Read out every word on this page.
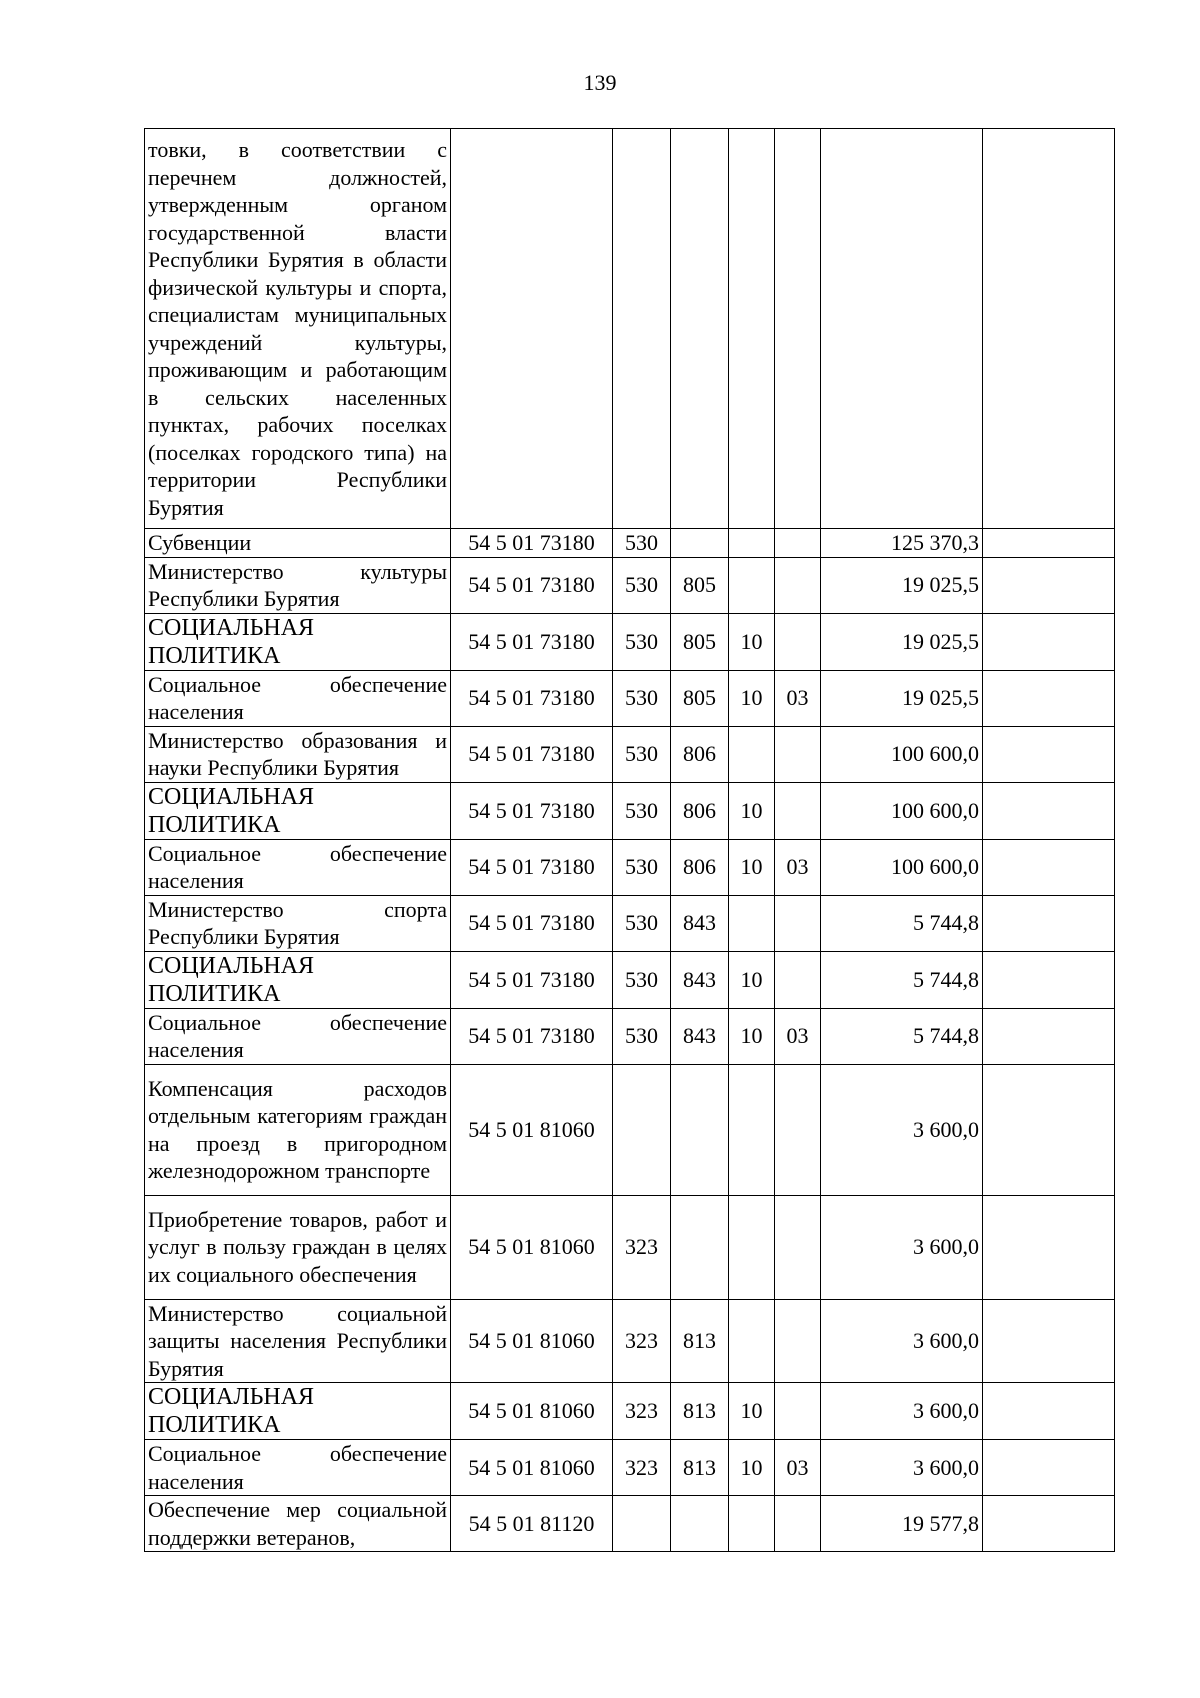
139
товки, в соответствии с перечнем должностей, утвержденным органом государственной власти Республики Бурятия в области физической культуры и спорта, специалистам муниципальных учреждений культуры, проживающим и работающим в сельских населенных пунктах, рабочих поселках (поселках городского типа) на территории Республики Бурятия							
Субвенции	54 5 01 73180	530				125 370,3	
Министерство культуры Республики Бурятия	54 5 01 73180	530	805			19 025,5	
СОЦИАЛЬНАЯ ПОЛИТИКА	54 5 01 73180	530	805	10		19 025,5	
Социальное обеспечение населения	54 5 01 73180	530	805	10	03	19 025,5	
Министерство образования и науки Республики Бурятия	54 5 01 73180	530	806			100 600,0	
СОЦИАЛЬНАЯ ПОЛИТИКА	54 5 01 73180	530	806	10		100 600,0	
Социальное обеспечение населения	54 5 01 73180	530	806	10	03	100 600,0	
Министерство спорта Республики Бурятия	54 5 01 73180	530	843			5 744,8	
СОЦИАЛЬНАЯ ПОЛИТИКА	54 5 01 73180	530	843	10		5 744,8	
Социальное обеспечение населения	54 5 01 73180	530	843	10	03	5 744,8	
Компенсация расходов отдельным категориям граждан на проезд в пригородном железнодорожном транспорте	54 5 01 81060					3 600,0	
Приобретение товаров, работ и услуг в пользу граждан в целях их социального обеспечения	54 5 01 81060	323				3 600,0	
Министерство социальной защиты населения Республики Бурятия	54 5 01 81060	323	813			3 600,0	
СОЦИАЛЬНАЯ ПОЛИТИКА	54 5 01 81060	323	813	10		3 600,0	
Социальное обеспечение населения	54 5 01 81060	323	813	10	03	3 600,0	
Обеспечение мер социальной поддержки ветеранов,	54 5 01 81120					19 577,8	
